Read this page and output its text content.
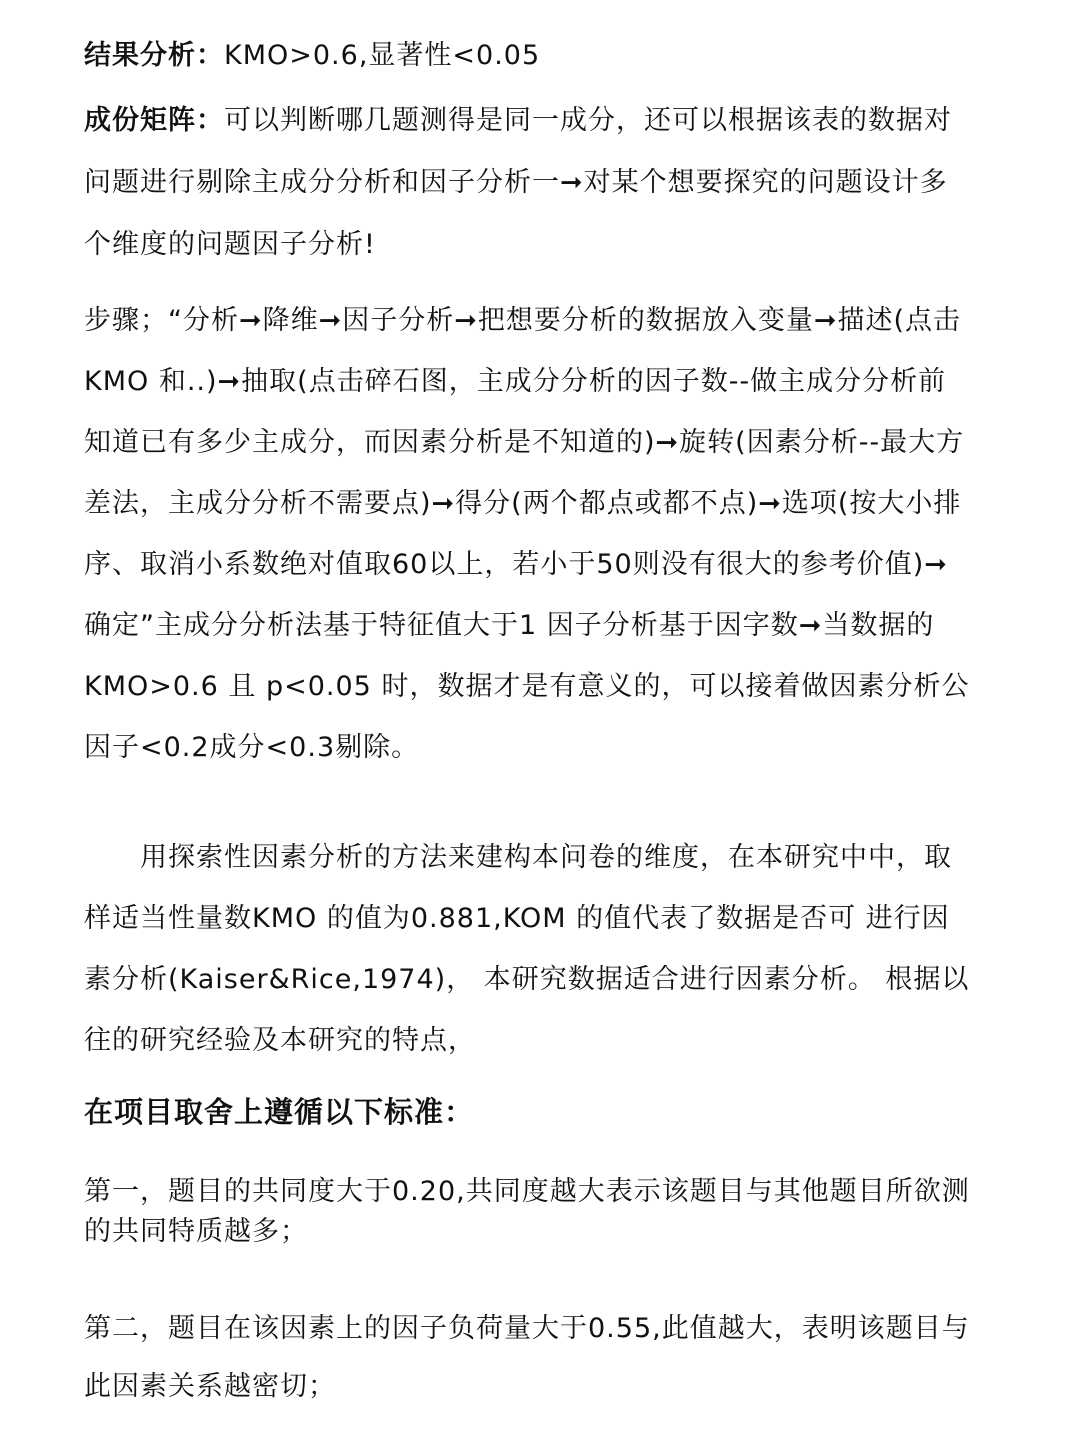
结果分析：KMO>0.6,显著性<0.05

成份矩阵：可以判断哪几题测得是同一成分，还可以根据该表的数据对问题进行剔除主成分分析和因子分析一➞对某个想要探究的问题设计多个维度的问题因子分析!

步骤；“分析➞降维➞因子分析➞把想要分析的数据放入变量➞描述(点击KMO 和..)➞抽取(点击碎石图，主成分分析的因子数--做主成分分析前知道已有多少主成分，而因素分析是不知道的)➞旋转(因素分析--最大方差法，主成分分析不需要点)➞得分(两个都点或都不点)➞选项(按大小排序、取消小系数绝对值取60以上，若小于50则没有很大的参考价值)➞确定”主成分分析法基于特征值大于1 因子分析基于因字数➞当数据的 KMO>0.6 且 p<0.05 时，数据才是有意义的，可以接着做因素分析公因子<0.2成分<0.3剔除。

用探索性因素分析的方法来建构本问卷的维度，在本研究中中，取样适当性量数KMO 的值为0.881,KOM 的值代表了数据是否可 进行因素分析(Kaiser&Rice,1974)， 本研究数据适合进行因素分析。 根据以往的研究经验及本研究的特点，

在项目取舍上遵循以下标准：

第一，题目的共同度大于0.20,共同度越大表示该题目与其他题目所欲测的共同特质越多；

第二，题目在该因素上的因子负荷量大于0.55,此值越大，表明该题目与此因素关系越密切；
